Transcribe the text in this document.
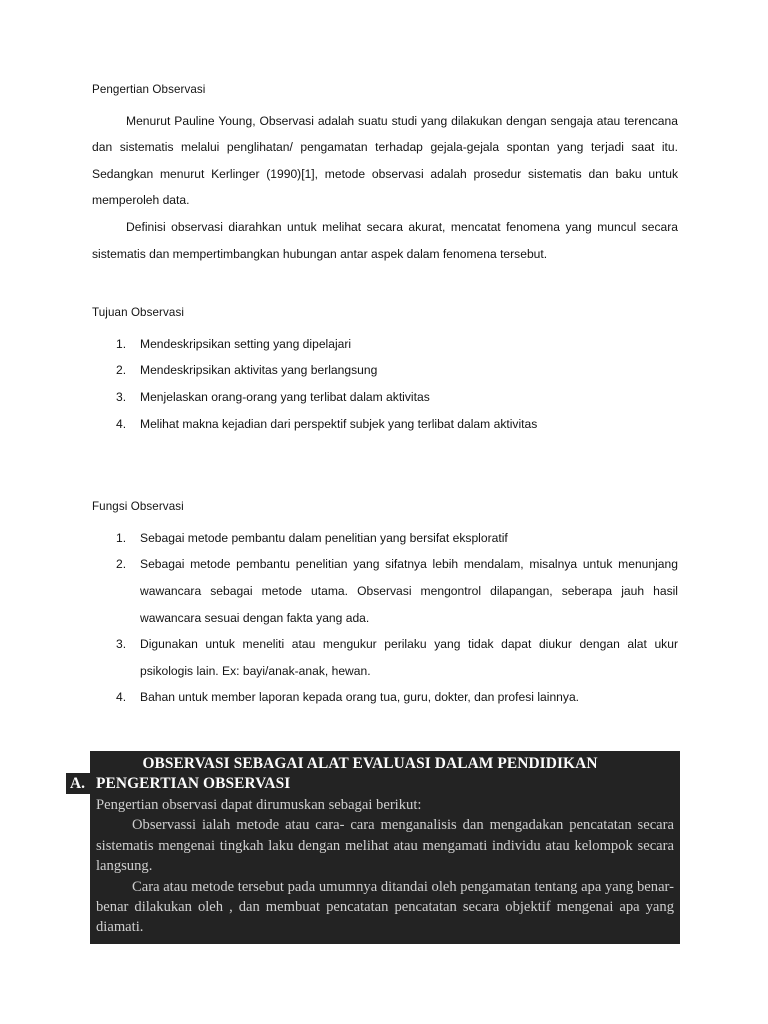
Pengertian Observasi

Menurut Pauline Young, Observasi adalah suatu studi yang dilakukan dengan sengaja atau terencana dan sistematis melalui penglihatan/ pengamatan terhadap gejala-gejala spontan yang terjadi saat itu. Sedangkan menurut Kerlinger (1990)[1], metode observasi adalah prosedur sistematis dan baku untuk memperoleh data.

Definisi observasi diarahkan untuk melihat secara akurat, mencatat fenomena yang muncul secara sistematis dan mempertimbangkan hubungan antar aspek dalam fenomena tersebut.

Tujuan Observasi

1.	Mendeskripsikan setting yang dipelajari
2.	Mendeskripsikan aktivitas yang berlangsung
3.	Menjelaskan orang-orang yang terlibat dalam aktivitas
4.	Melihat makna kejadian dari perspektif subjek yang terlibat dalam aktivitas

Fungsi Observasi

1.	Sebagai metode pembantu dalam penelitian yang bersifat eksploratif
2.	Sebagai metode pembantu penelitian yang sifatnya lebih mendalam, misalnya untuk menunjang wawancara sebagai metode utama. Observasi mengontrol dilapangan, seberapa jauh hasil wawancara sesuai dengan fakta yang ada.
3.	Digunakan untuk meneliti atau mengukur perilaku yang tidak dapat diukur dengan alat ukur psikologis lain. Ex: bayi/anak-anak, hewan.
4.	Bahan untuk member laporan kepada orang tua, guru, dokter, dan profesi lainnya.
OBSERVASI SEBAGAI ALAT EVALUASI DALAM PENDIDIKAN
A. PENGERTIAN OBSERVASI

Pengertian observasi dapat dirumuskan sebagai berikut:

Observassi ialah metode atau cara- cara menganalisis dan mengadakan pencatatan secara sistematis mengenai tingkah laku dengan melihat atau mengamati individu atau kelompok secara langsung.

Cara atau metode tersebut pada umumnya ditandai oleh pengamatan tentang apa yang benar- benar dilakukan oleh , dan membuat pencatatan pencatatan secara objektif mengenai apa yang diamati.
